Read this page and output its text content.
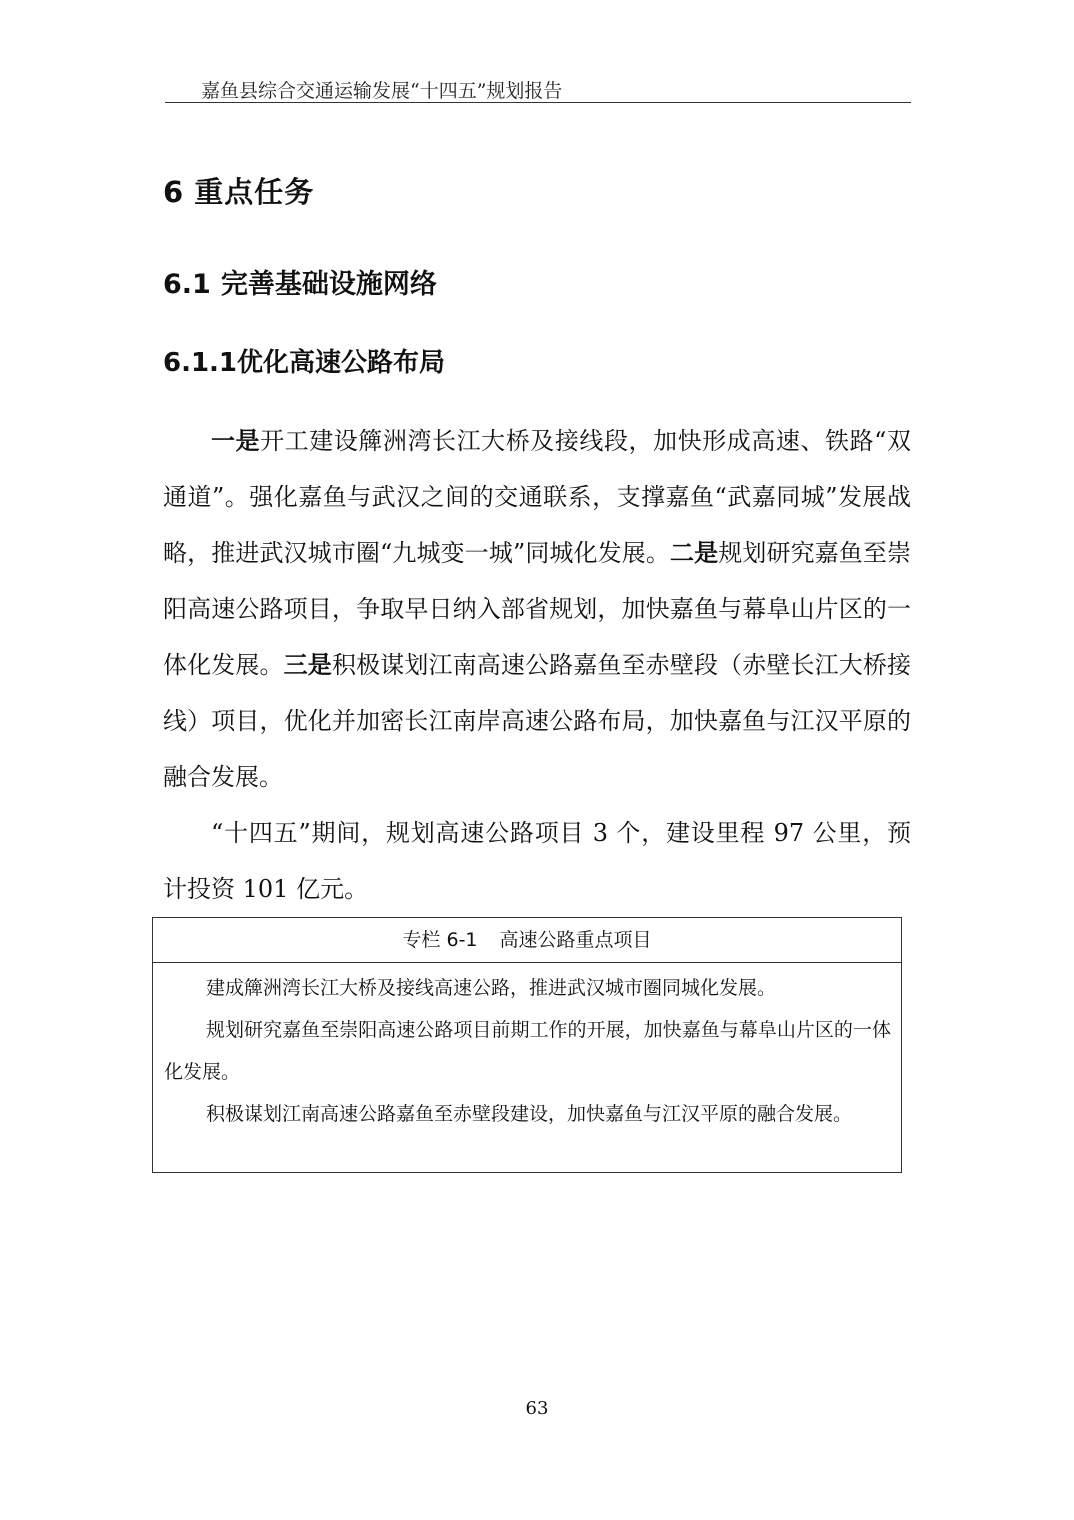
嘉鱼县综合交通运输发展“十四五”规划报告
6 重点任务
6.1 完善基础设施网络
6.1.1优化高速公路布局
一是开工建设簰洲湾长江大桥及接线段，加快形成高速、铁路“双通道”。强化嘉鱼与武汉之间的交通联系，支撑嘉鱼“武嘉同城”发展战略，推进武汉城市圈“九城变一城”同城化发展。二是规划研究嘉鱼至崇阳高速公路项目，争取早日纳入部省规划，加快嘉鱼与幕阜山片区的一体化发展。三是积极谋划江南高速公路嘉鱼至赤壁段（赤壁长江大桥接线）项目，优化并加密长江南岸高速公路布局，加快嘉鱼与江汉平原的融合发展。
“十四五”期间，规划高速公路项目 3 个，建设里程 97 公里，预计投资 101 亿元。
专栏 6-1 高速公路重点项目

建成簰洲湾长江大桥及接线高速公路，推进武汉城市圈同城化发展。

规划研究嘉鱼至崇阳高速公路项目前期工作的开展，加快嘉鱼与幕阜山片区的一体化发展。

积极谋划江南高速公路嘉鱼至赤壁段建设，加快嘉鱼与江汉平原的融合发展。

63
